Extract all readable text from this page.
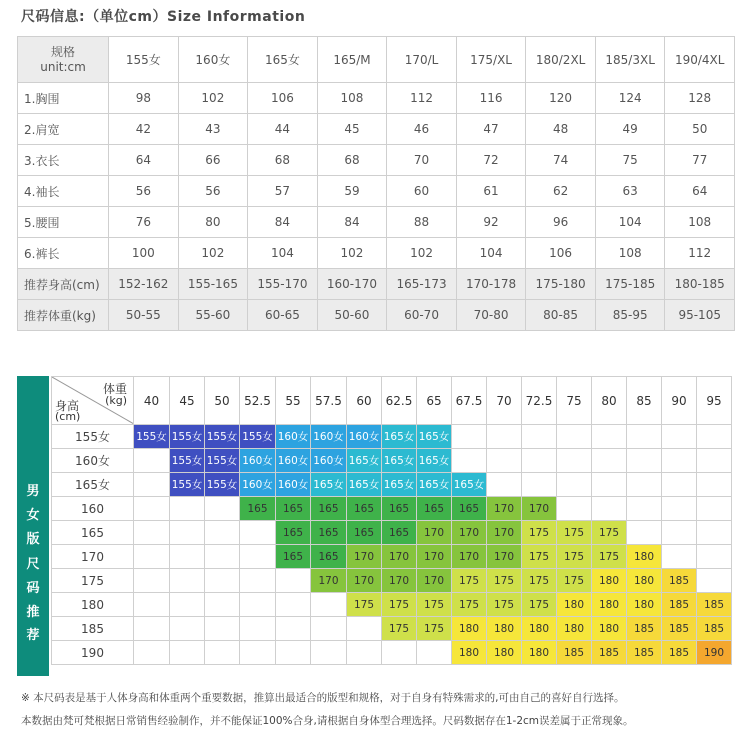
尺码信息:（单位cm）Size Information
规格
unit:cm	155女	160女	165女	165/M	170/L	175/XL	180/2XL	185/3XL	190/4XL
1.胸围	98	102	106	108	112	116	120	124	128
2.肩宽	42	43	44	45	46	47	48	49	50
3.衣长	64	66	68	68	70	72	74	75	77
4.袖长	56	56	57	59	60	61	62	63	64
5.腰围	76	80	84	84	88	92	96	104	108
6.裤长	100	102	104	102	102	104	106	108	112
推荐身高(cm)	152-162	155-165	155-170	160-170	165-173	170-178	175-180	175-185	180-185
推荐体重(kg)	50-55	55-60	60-65	50-60	60-70	70-80	80-85	85-95	95-105
男
女
版
尺
码
推
荐
体重
(kg)
身高
(cm)	40	45	50	52.5	55	57.5	60	62.5	65	67.5	70	72.5	75	80	85	90	95
155女	155女	155女	155女	155女	160女	160女	160女	165女	165女								
160女		155女	155女	160女	160女	160女	165女	165女	165女								
165女		155女	155女	160女	160女	165女	165女	165女	165女	165女							
160				165	165	165	165	165	165	165	170	170					
165					165	165	165	165	170	170	170	175	175	175			
170					165	165	170	170	170	170	170	175	175	175	180		
175						170	170	170	170	175	175	175	175	180	180	185	
180							175	175	175	175	175	175	180	180	180	185	185
185								175	175	180	180	180	180	180	185	185	185
190										180	180	180	185	185	185	185	190
※ 本尺码表是基于人体身高和体重两个重要数据，推算出最适合的版型和规格，对于自身有特殊需求的,可由自己的喜好自行选择。
本数据由梵可梵根据日常销售经验制作，并不能保证100%合身,请根据自身体型合理选择。尺码数据存在1-2cm误差属于正常现象。
